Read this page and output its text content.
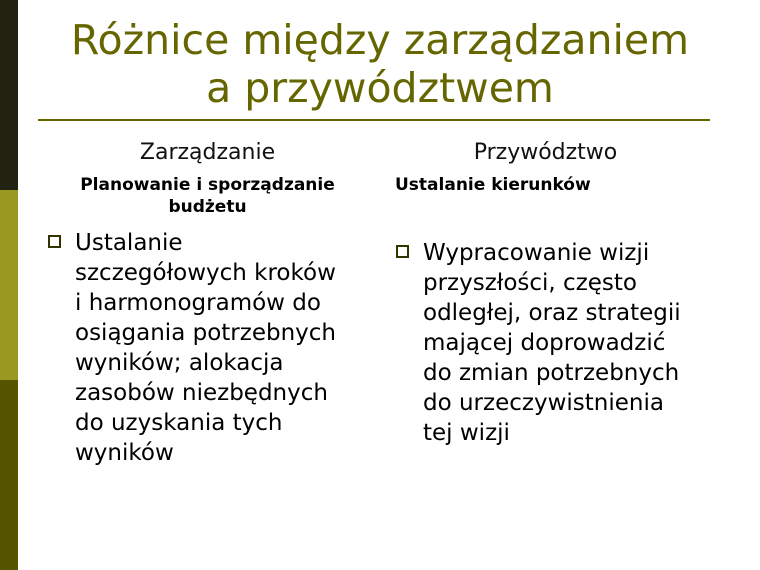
Różnice między zarządzaniem
a przywództwem
Zarządzanie
Planowanie i sporządzanie
budżetu
Ustalanie
szczegółowych kroków
i harmonogramów do
osiągania potrzebnych
wyników; alokacja
zasobów niezbędnych
do uzyskania tych
wyników
Przywództwo
Ustalanie kierunków
Wypracowanie wizji
przyszłości, często
odległej, oraz strategii
mającej doprowadzić
do zmian potrzebnych
do urzeczywistnienia
tej wizji
